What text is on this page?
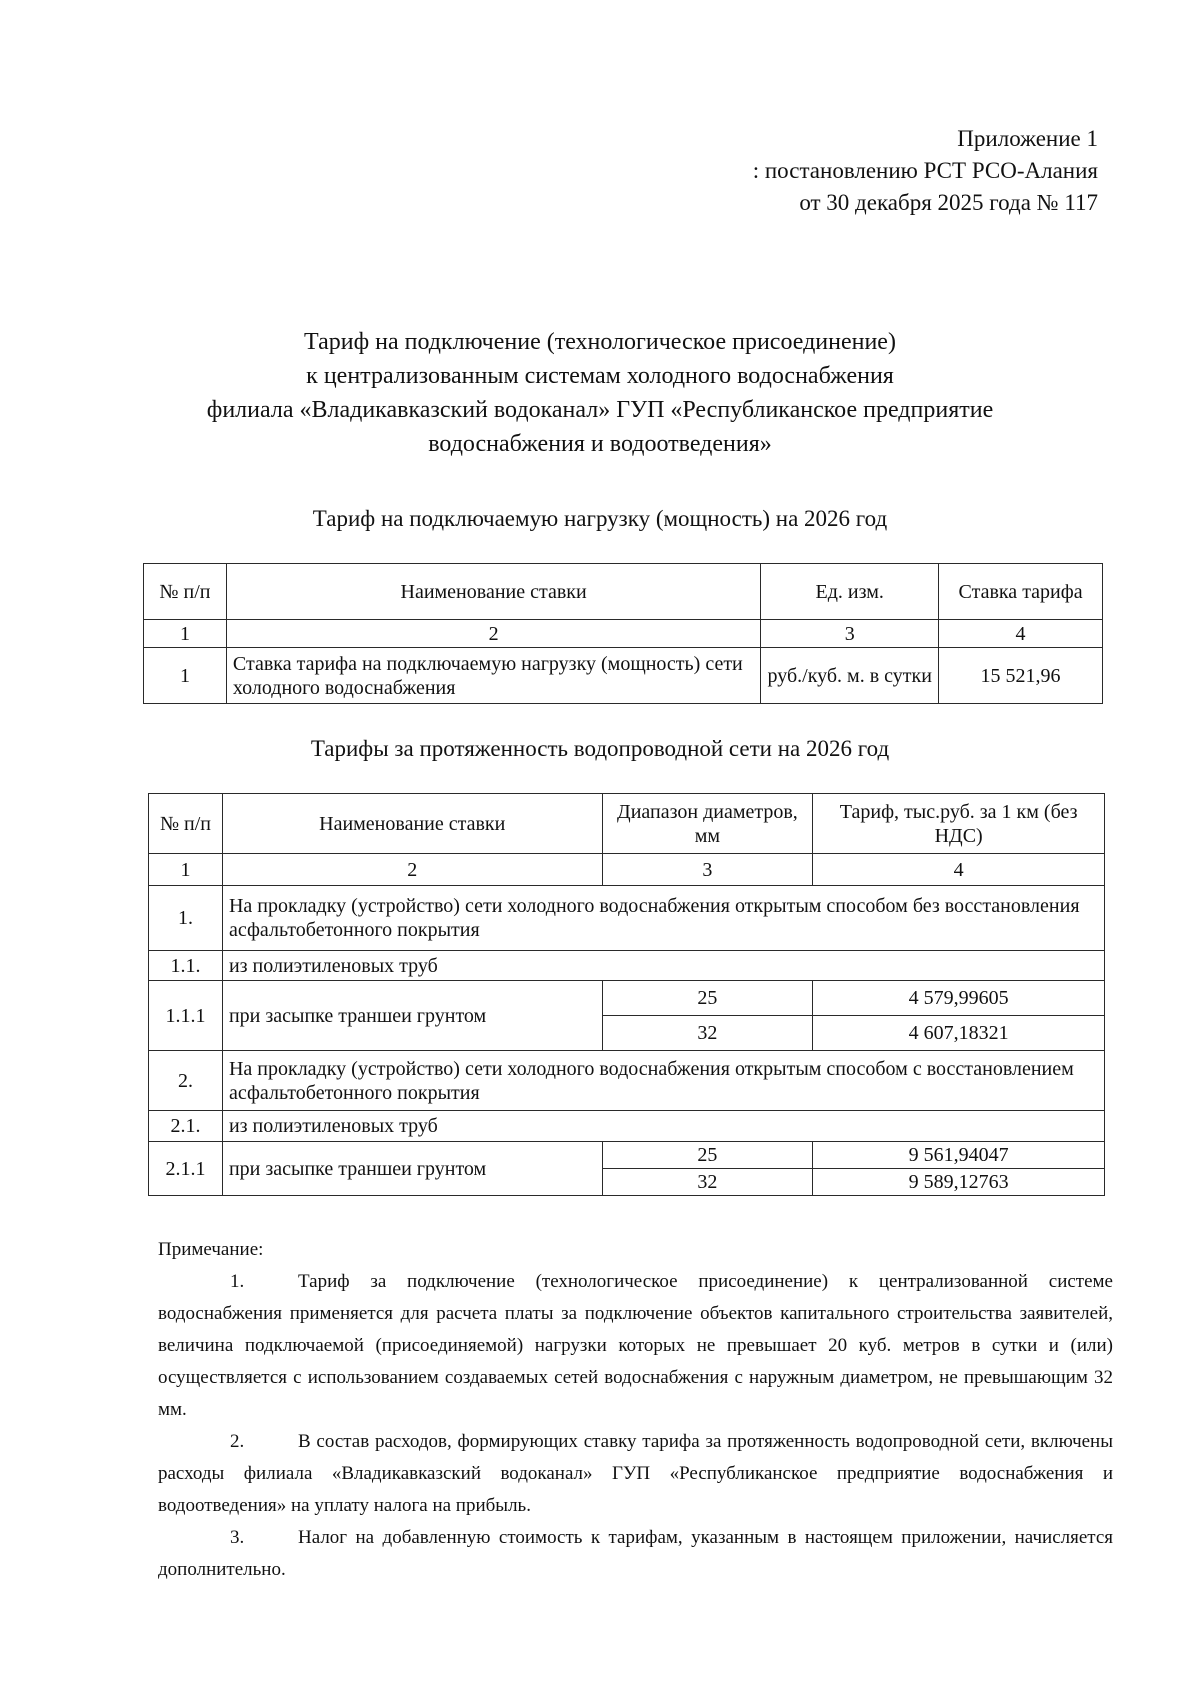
Приложение 1
: постановлению РСТ РСО-Алания
от 30 декабря 2025 года № 117
Тариф на подключение (технологическое присоединение)
к централизованным системам холодного водоснабжения
филиала «Владикавказский водоканал» ГУП «Республиканское предприятие
водоснабжения и водоотведения»
Тариф на подключаемую нагрузку (мощность) на 2026 год
№ п/п	Наименование ставки	Ед. изм.	Ставка тарифа
1	2	3	4
1	Ставка тарифа на подключаемую нагрузку (мощность) сети холодного водоснабжения	руб./куб. м. в сутки	15 521,96
Тарифы за протяженность водопроводной сети на 2026 год
№ п/п	Наименование ставки	Диапазон диаметров, мм	Тариф, тыс.руб. за 1 км (без НДС)
1	2	3	4
1.	На прокладку (устройство) сети холодного водоснабжения открытым способом без восстановления асфальтобетонного покрытия		
1.1.	из полиэтиленовых труб		
1.1.1	при засыпке траншеи грунтом	25	4 579,99605
		32	4 607,18321
2.	На прокладку (устройство) сети холодного водоснабжения открытым способом с восстановлением асфальтобетонного покрытия		
2.1.	из полиэтиленовых труб		
2.1.1	при засыпке траншеи грунтом	25	9 561,94047
		32	9 589,12763
Примечание:
1.	Тариф за подключение (технологическое присоединение) к централизованной системе водоснабжения применяется для расчета платы за подключение объектов капитального строительства заявителей, величина подключаемой (присоединяемой) нагрузки которых не превышает 20 куб. метров в сутки и (или) осуществляется с использованием создаваемых сетей водоснабжения с наружным диаметром, не превышающим 32 мм.
2.	В состав расходов, формирующих ставку тарифа за протяженность водопроводной сети, включены расходы филиала «Владикавказский водоканал» ГУП «Республиканское предприятие водоснабжения и водоотведения» на уплату налога на прибыль.
3.	Налог на добавленную стоимость к тарифам, указанным в настоящем приложении, начисляется дополнительно.
